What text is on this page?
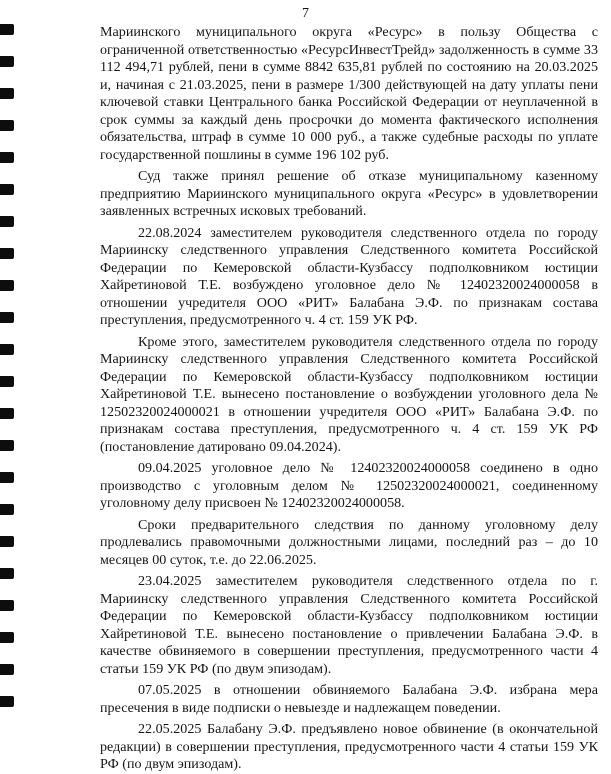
7

Мариинского муниципального округа «Ресурс» в пользу Общества с ограниченной ответственностью «РесурсИнвестТрейд» задолженность в сумме 33 112 494,71 рублей, пени в сумме 8842 635,81 рублей по состоянию на 20.03.2025 и, начиная с 21.03.2025, пени в размере 1/300 действующей на дату уплаты пени ключевой ставки Центрального банка Российской Федерации от неуплаченной в срок суммы за каждый день просрочки до момента фактического исполнения обязательства, штраф в сумме 10 000 руб., а также судебные расходы по уплате государственной пошлины в сумме 196 102 руб.

Суд также принял решение об отказе муниципальному казенному предприятию Мариинского муниципального округа «Ресурс» в удовлетворении заявленных встречных исковых требований.

22.08.2024 заместителем руководителя следственного отдела по городу Мариинску следственного управления Следственного комитета Российской Федерации по Кемеровской области-Кузбассу подполковником юстиции Хайретиновой Т.Е. возбуждено уголовное дело № 12402320024000058 в отношении учредителя ООО «РИТ» Балабана Э.Ф. по признакам состава преступления, предусмотренного ч. 4 ст. 159 УК РФ.

Кроме этого, заместителем руководителя следственного отдела по городу Мариинску следственного управления Следственного комитета Российской Федерации по Кемеровской области-Кузбассу подполковником юстиции Хайретиновой Т.Е. вынесено постановление о возбуждении уголовного дела № 12502320024000021 в отношении учредителя ООО «РИТ» Балабана Э.Ф. по признакам состава преступления, предусмотренного ч. 4 ст. 159 УК РФ (постановление датировано 09.04.2024).

09.04.2025 уголовное дело № 12402320024000058 соединено в одно производство с уголовным делом № 12502320024000021, соединенному уголовному делу присвоен № 12402320024000058.

Сроки предварительного следствия по данному уголовному делу продлевались правомочными должностными лицами, последний раз – до 10 месяцев 00 суток, т.е. до 22.06.2025.

23.04.2025 заместителем руководителя следственного отдела по г. Мариинску следственного управления Следственного комитета Российской Федерации по Кемеровской области-Кузбассу подполковником юстиции Хайретиновой Т.Е. вынесено постановление о привлечении Балабана Э.Ф. в качестве обвиняемого в совершении преступления, предусмотренного части 4 статьи 159 УК РФ (по двум эпизодам).

07.05.2025 в отношении обвиняемого Балабана Э.Ф. избрана мера пресечения в виде подписки о невыезде и надлежащем поведении.

22.05.2025 Балабану Э.Ф. предъявлено новое обвинение (в окончательной редакции) в совершении преступления, предусмотренного части 4 статьи 159 УК РФ (по двум эпизодам).
